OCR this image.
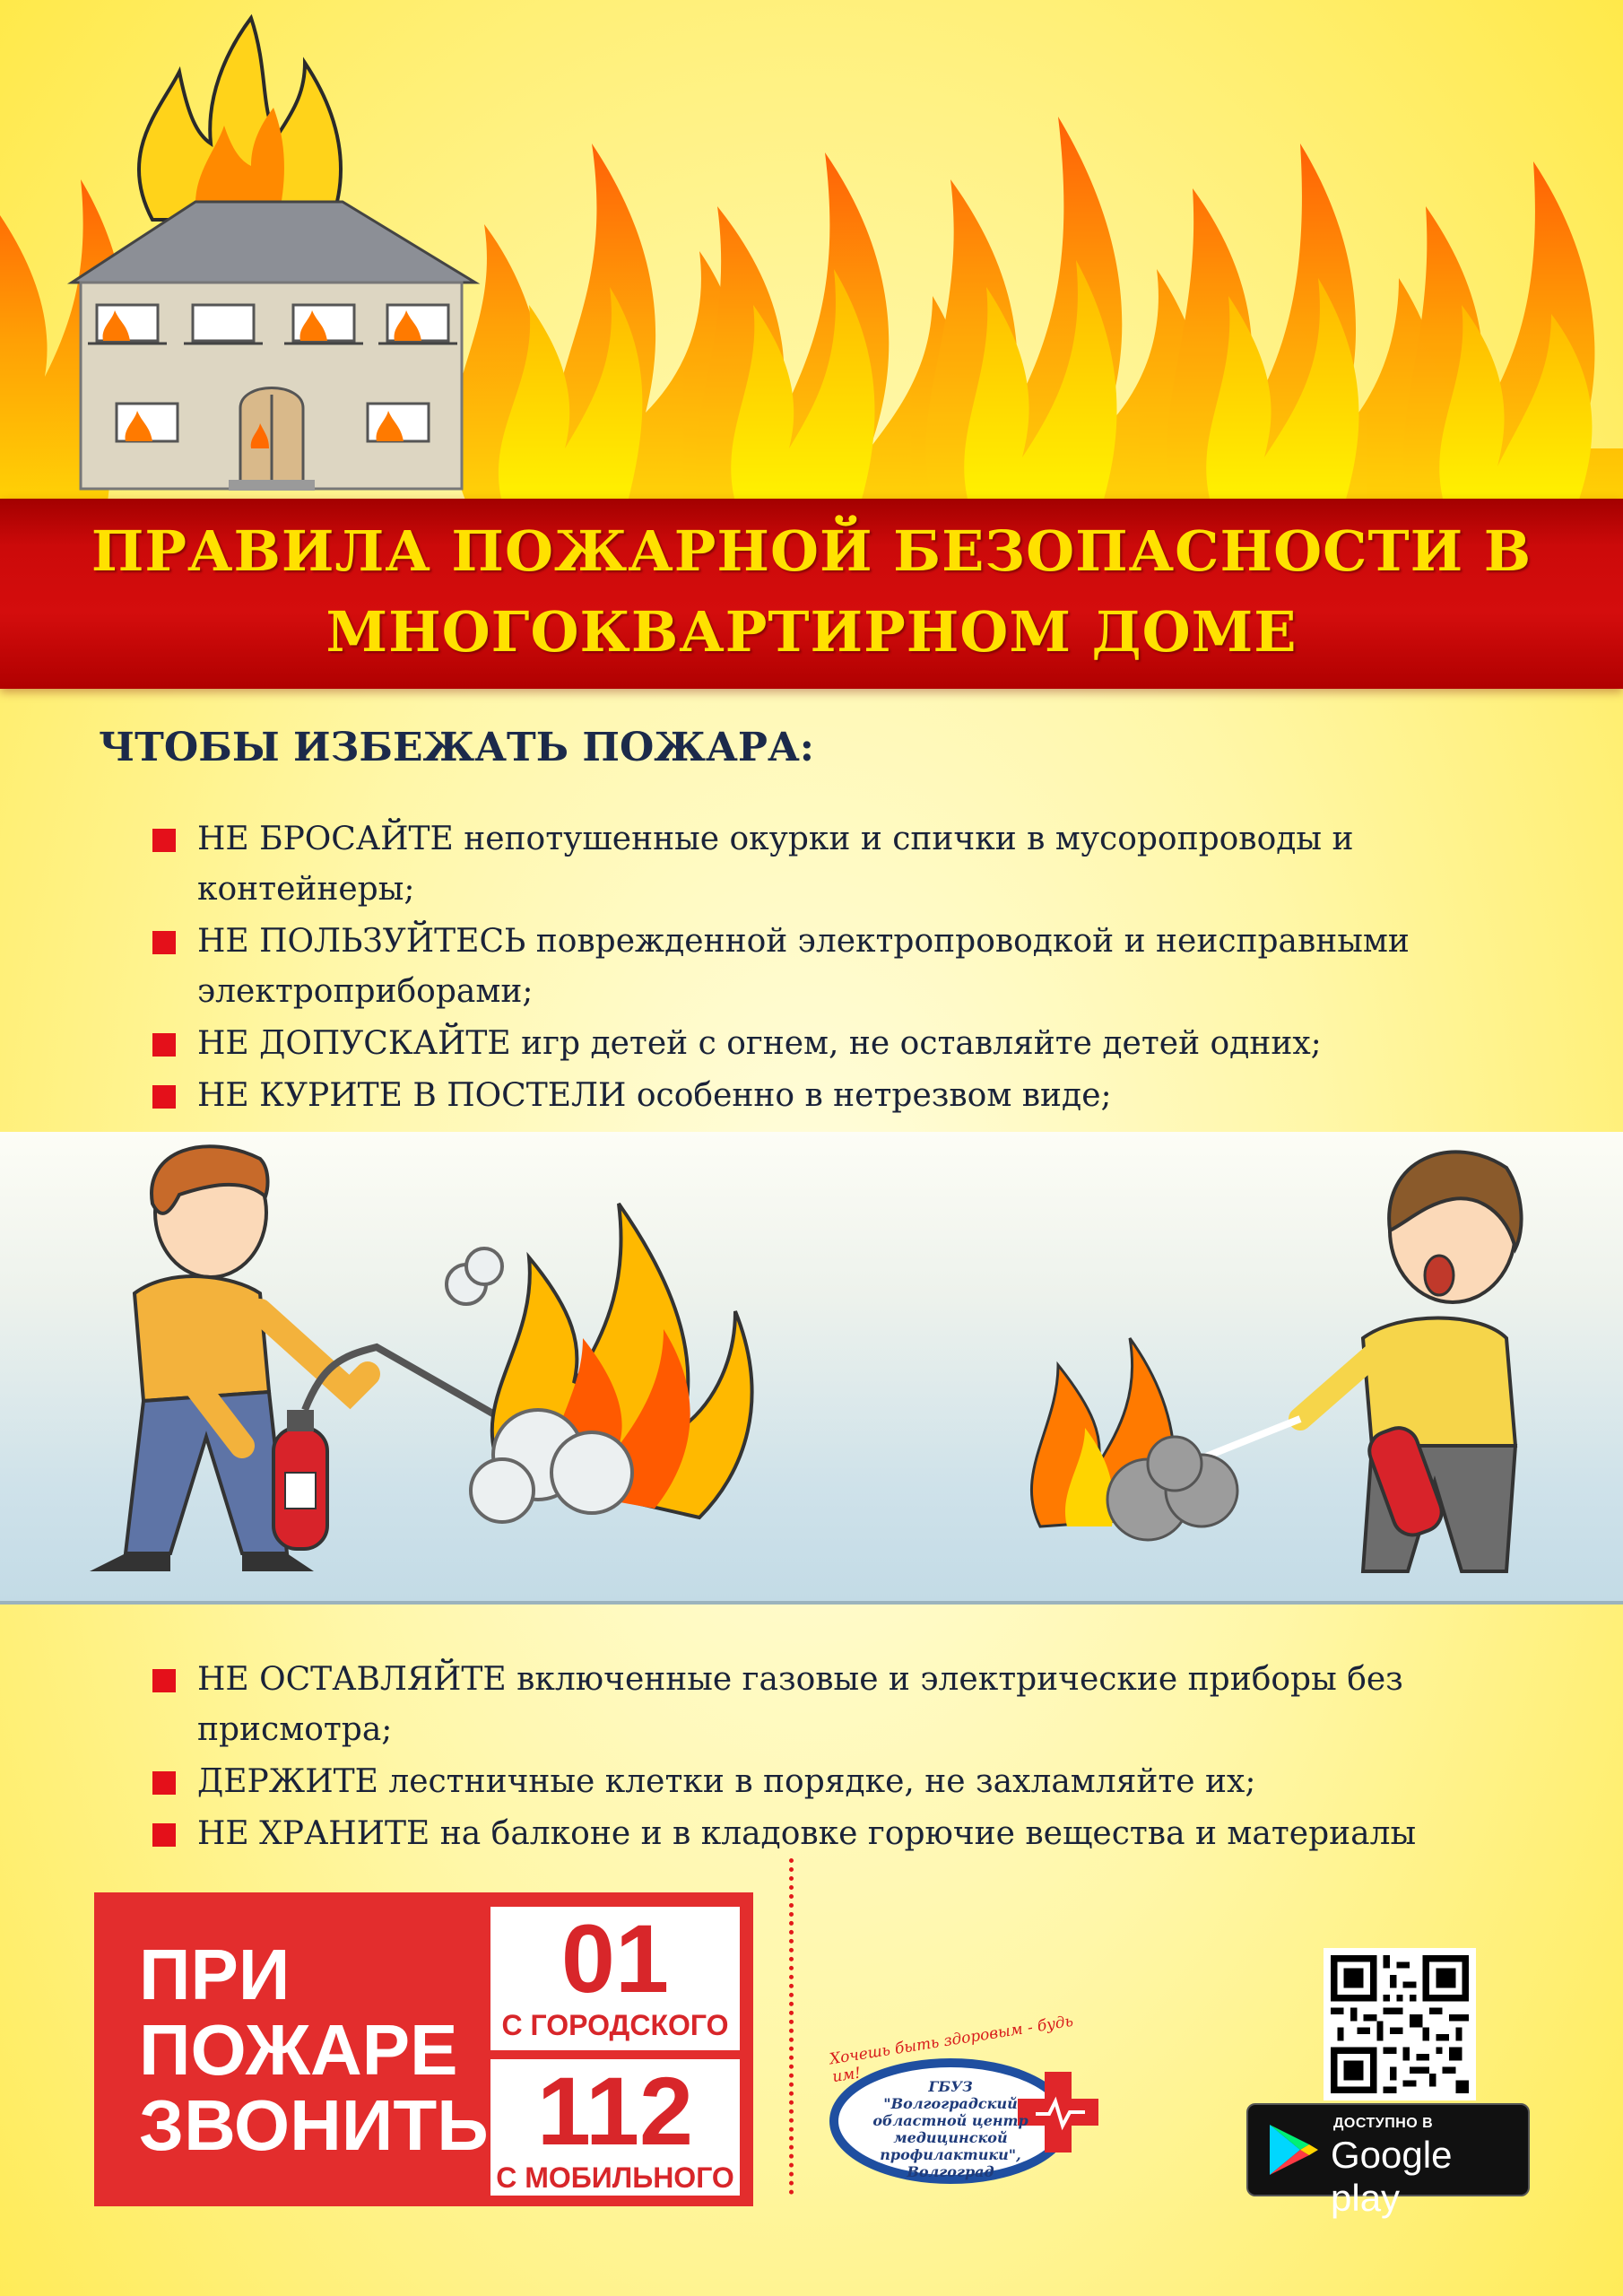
ПРАВИЛА ПОЖАРНОЙ БЕЗОПАСНОСТИ В
МНОГОКВАРТИРНОМ ДОМЕ
ЧТОБЫ ИЗБЕЖАТЬ ПОЖАРА:
НЕ БРОСАЙТЕ непотушенные окурки и спички в мусоропроводы и контейнеры;
НЕ ПОЛЬЗУЙТЕСЬ поврежденной электропроводкой и неисправными электроприборами;
НЕ ДОПУСКАЙТЕ игр детей с огнем, не оставляйте детей одних;
НЕ КУРИТЕ В ПОСТЕЛИ особенно в нетрезвом виде;
НЕ ОСТАВЛЯЙТЕ включенные газовые и электрические приборы без присмотра;
ДЕРЖИТЕ лестничные клетки в порядке, не захламляйте их;
НЕ ХРАНИТЕ на балконе и в кладовке горючие вещества и материалы
ПРИ
ПОЖАРЕ
ЗВОНИТЬ
01
С ГОРОДСКОГО
112
С МОБИЛЬНОГО
Хочешь быть здоровым - будь им!
ГБУЗ "Волгоградский
областной центр
медицинской
профилактики",
Волгоград
ДОСТУПНО В
Google play
